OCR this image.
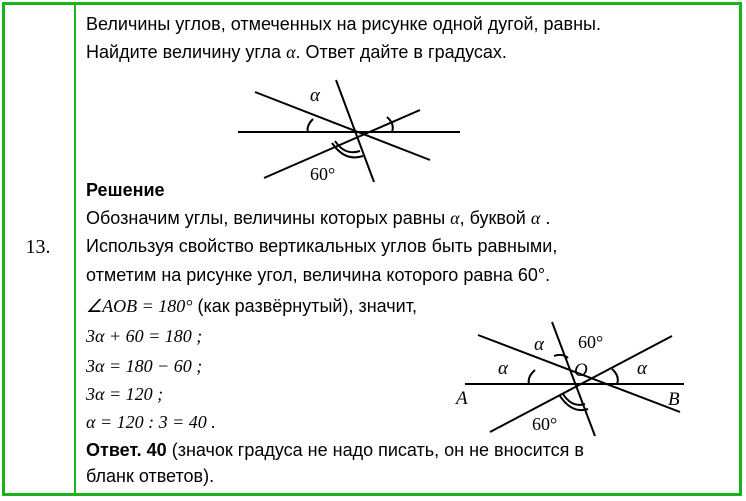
13.
Величины углов, отмеченных на рисунке одной дугой, равны.
Найдите величину угла α. Ответ дайте в градусах.
α
60°
Решение
Обозначим углы, величины которых равны α, буквой α .
Используя свойство вертикальных углов быть равными,
отметим на рисунке угол, величина которого равна 60°.
∠AOB = 180° (как развёрнутый), значит,
3α + 60 = 180 ;
3α = 180 − 60 ;
3α = 120 ;
α = 120 : 3 = 40 .
Ответ. 40 (значок градуса не надо писать, он не вносится в
бланк ответов).
α
α
α
60°
60°
O
A	B
